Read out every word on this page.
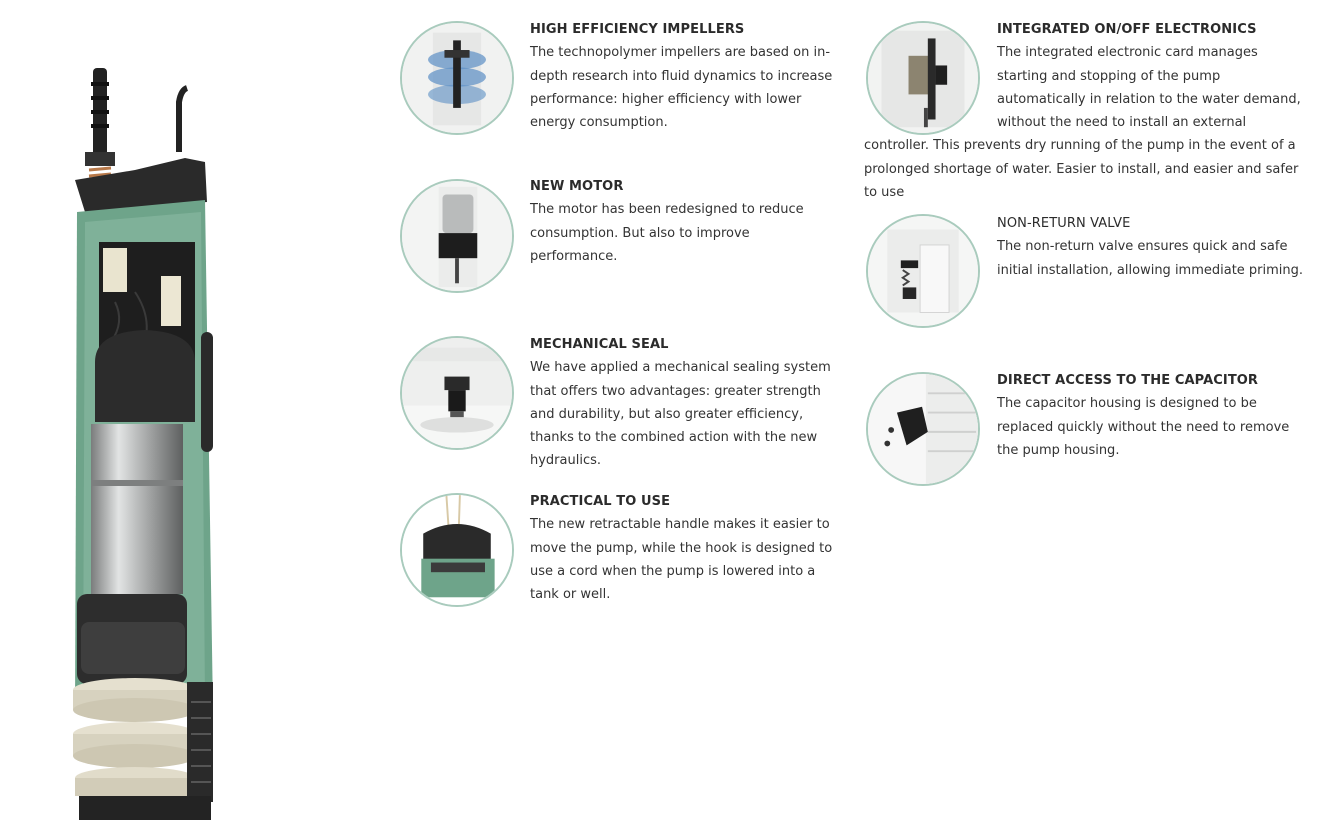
HIGH EFFICIENCY IMPELLERS
The technopolymer impellers are based on in-depth research into fluid dynamics to increase performance: higher efficiency with lower energy consumption.
NEW MOTOR
The motor has been redesigned to reduce consumption. But also to improve performance.
MECHANICAL SEAL
We have applied a mechanical sealing system that offers two advantages: greater strength and durability, but also greater efficiency, thanks to the combined action with the new hydraulics.
PRACTICAL TO USE
The new retractable handle makes it easier to move the pump, while the hook is designed to use a cord when the pump is lowered into a tank or well.
INTEGRATED ON/OFF ELECTRONICS
The integrated electronic card manages starting and stopping of the pump automatically in relation to the water demand, without the need to install an external controller. This prevents dry running of the pump in the event of a prolonged shortage of water. Easier to install, and easier and safer to use
NON-RETURN VALVE
The non-return valve ensures quick and safe initial installation, allowing immediate priming.
DIRECT ACCESS TO THE CAPACITOR
The capacitor housing is designed to be replaced quickly without the need to remove the pump housing.
